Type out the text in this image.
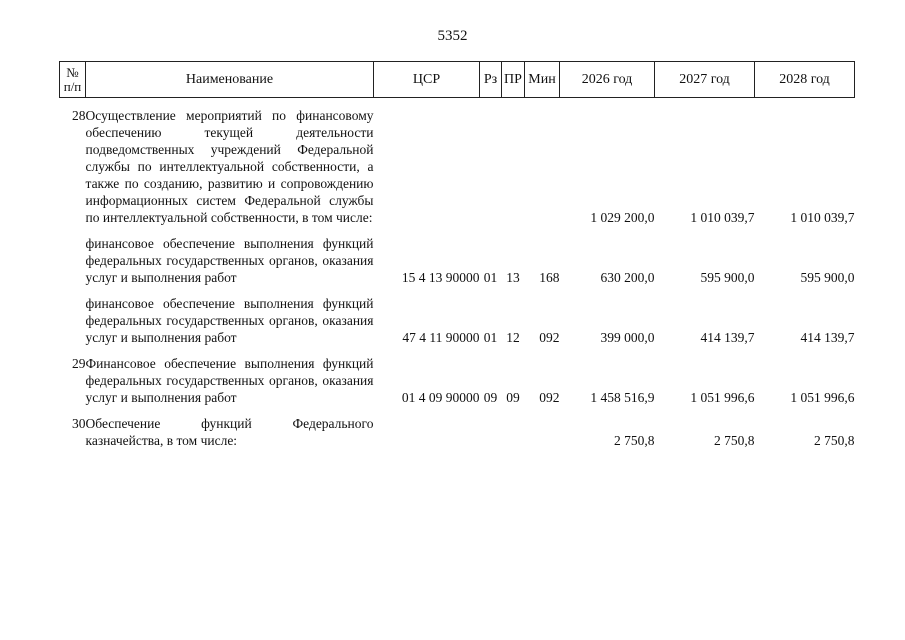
5352
№ п/п	Наименование	ЦСР	Рз	ПР	Мин	2026 год	2027 год	2028 год

28	Осуществление мероприятий по финансовому обеспечению текущей деятельности подведомственных учреждений Федеральной службы по интеллектуальной собственности, а также по созданию, развитию и сопровождению информационных систем Федеральной службы по интеллектуальной собственности, в том числе:					1 029 200,0	1 010 039,7	1 010 039,7

	финансовое обеспечение выполнения функций федеральных государственных органов, оказания услуг и выполнения работ	15 4 13 90000	01	13	168	630 200,0	595 900,0	595 900,0

	финансовое обеспечение выполнения функций федеральных государственных органов, оказания услуг и выполнения работ	47 4 11 90000	01	12	092	399 000,0	414 139,7	414 139,7

29	Финансовое обеспечение выполнения функций федеральных государственных органов, оказания услуг и выполнения работ	01 4 09 90000	09	09	092	1 458 516,9	1 051 996,6	1 051 996,6

30	Обеспечение функций Федерального казначейства, в том числе:					2 750,8	2 750,8	2 750,8
